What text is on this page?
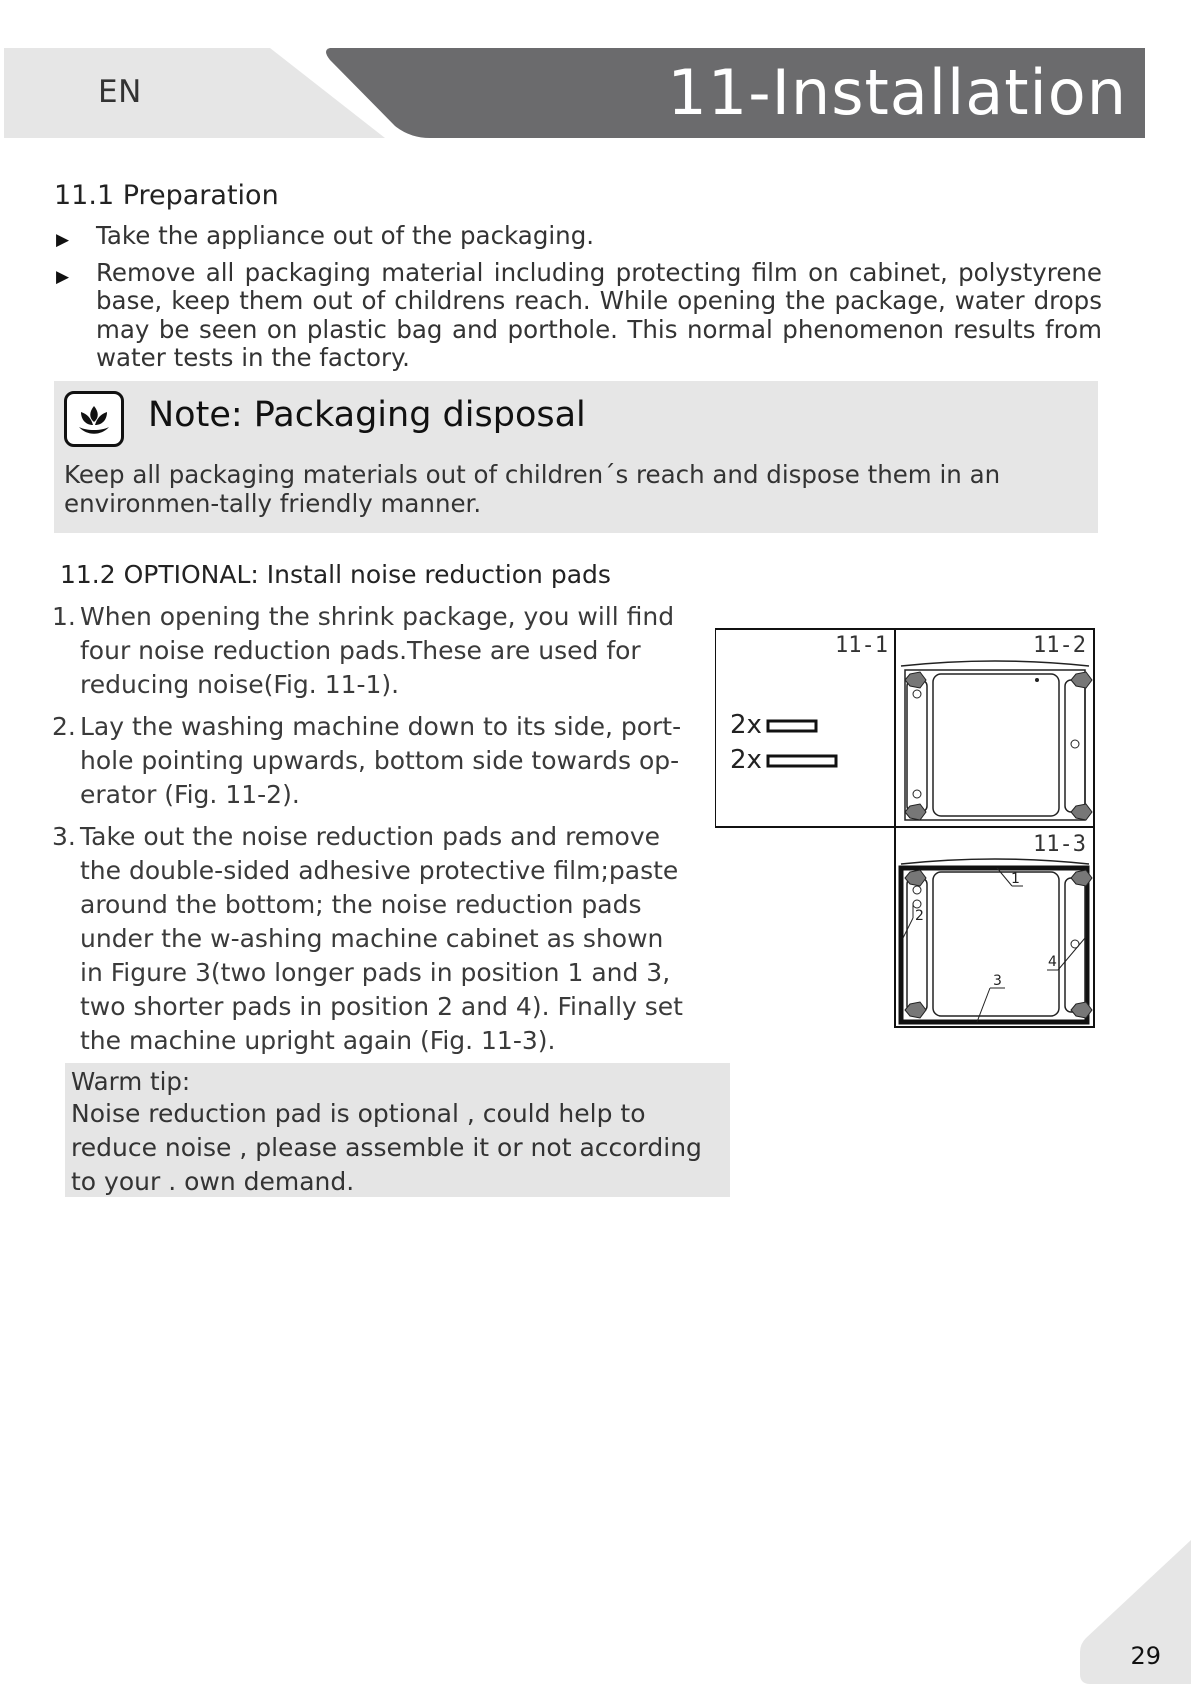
EN	11-Installation
11.1 Preparation
▶ Take the appliance out of the packaging.
▶ Remove all packaging material including protecting film on cabinet, polystyrene base, keep them out of childrens reach. While opening the package, water drops may be seen on plastic bag and porthole. This normal phenomenon results from water tests in the factory.
Note: Packaging disposal
Keep all packaging materials out of children´s reach and dispose them in an environmen-tally friendly manner.
11.2 OPTIONAL: Install noise reduction pads
1. When opening the shrink package, you will find four noise reduction pads.These are used for reducing noise(Fig. 11-1).
2. Lay the washing machine down to its side, port-hole pointing upwards, bottom side towards op-erator (Fig. 11-2).
3. Take out the noise reduction pads and remove the double-sided adhesive protective film;paste around the bottom; the noise reduction pads under the w-ashing machine cabinet as shown in Figure 3(two longer pads in position 1 and 3, two shorter pads in position 2 and 4). Finally set the machine upright again (Fig. 11-3).
Warm tip:
Noise reduction pad is optional , could help to reduce noise , please assemble it or not according to your . own demand.
11-1
2x
2x
11-2
11-3
1
2
3
4
29
